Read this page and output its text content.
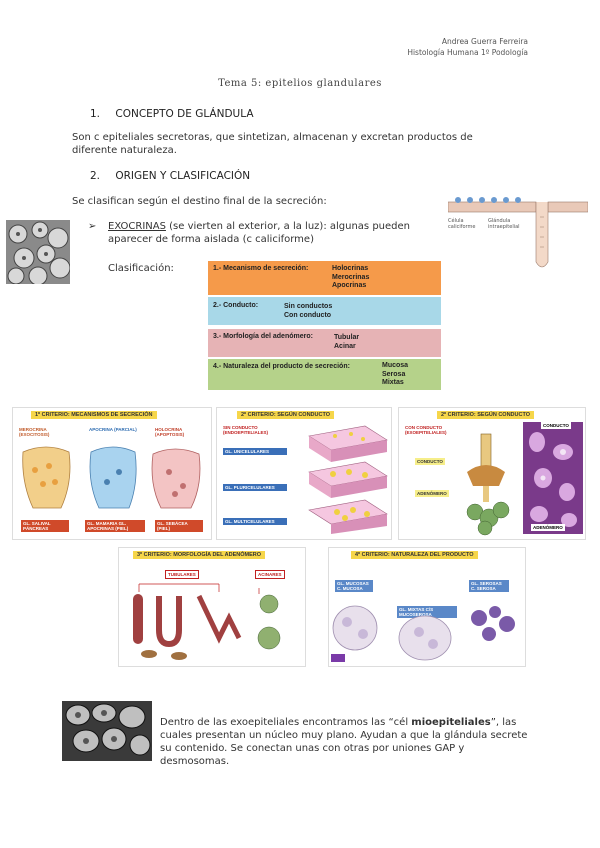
Andrea Guerra Ferreira
Histología Humana 1º Podología
Tema 5: epitelios glandulares
1. CONCEPTO DE GLÁNDULA
Son c epiteliales secretoras, que sintetizan, almacenan y excretan productos de diferente naturaleza.
2. ORIGEN Y CLASIFICACIÓN
Se clasifican según el destino final de la secreción:
➢ EXOCRINAS (se vierten al exterior, a la luz): algunas pueden aparecer de forma aislada (c caliciforme)
Clasificación:
Célula caliciforme
Glándula intraepitelial
1.- Mecanismo de secreción:	Holocrinas
Merocrinas
Apocrinas
2.- Conducto:	Sin conductos
Con conducto
3.- Morfología del adenómero:	Tubular
Acinar
4.- Naturaleza del producto de secreción:	Mucosa
Serosa
Mixtas
1º CRITERIO: MECANISMOS DE SECRECIÓN
MEROCRINA (EXOCITOSIS)
APOCRINA (PARCIAL)	HOLOCRINA (APOPTOSIS)
GL. SALIVAL PÁNCREAS
GL. MAMARIA GL. APOCRINAS (PIEL)
GL. SEBÁCEA (PIEL)
2º CRITERIO: SEGÚN CONDUCTO
SIN CONDUCTO (ENDOEPITELIALES)
GL. UNICELULARES
GL. PLURICELULARES
GL. MULTICELULARES
2º CRITERIO: SEGÚN CONDUCTO
CON CONDUCTO (EXOEPITELIALES)
CONDUCTO
ADENÓMERO
CONDUCTO
ADENÓMERO
3º CRITERIO: MORFOLOGÍA DEL ADENÓMERO
TUBULARES	ACINARES
4º CRITERIO: NATURALEZA DEL PRODUCTO
GL. MUCOSAS C. MUCOSA
GL. MIXTAS C/S MUCOSEROSA
GL. SEROSAS C. SEROSA
Dentro de las exoepiteliales encontramos las “cél mioepiteliales”, las cuales presentan un núcleo muy plano. Ayudan a que la glándula secrete su contenido. Se conectan unas con otras por uniones GAP y desmosomas.
